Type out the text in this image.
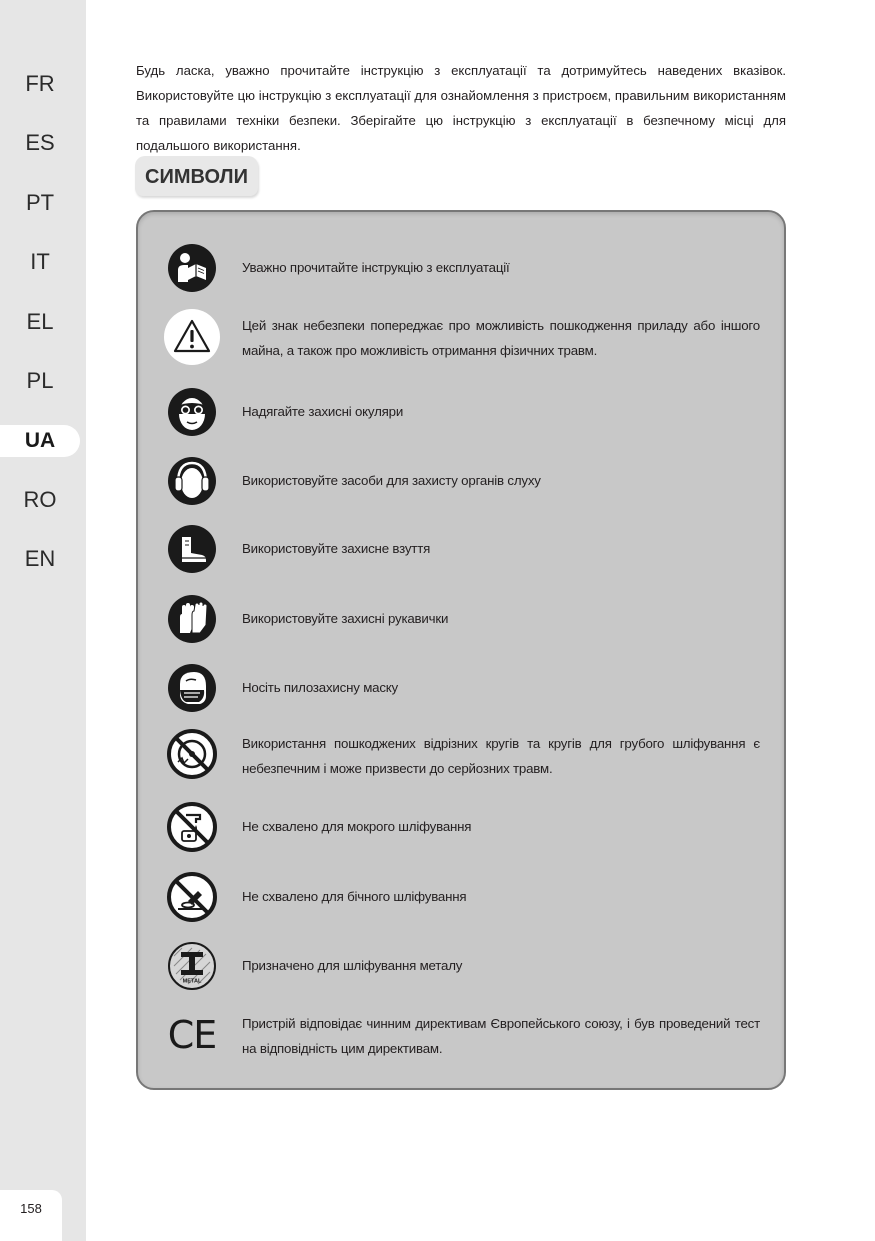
FR
ES
PT
IT
EL
PL
UA
RO
EN
158

Будь ласка, уважно прочитайте інструкцію з експлуатації та дотримуйтесь наведених вказівок. Використовуйте цю інструкцію з експлуатації для ознайомлення з пристроєм, правильним використанням та правилами техніки безпеки. Зберігайте цю інструкцію з експлуатації в безпечному місці для подальшого використання.

СИМВОЛИ
Уважно прочитайте інструкцію з експлуатації
Цей знак небезпеки попереджає про можливість пошкодження приладу або іншого майна, а також про можливість отримання фізичних травм.
Надягайте захисні окуляри
Використовуйте засоби для захисту органів слуху
Використовуйте захисне взуття
Використовуйте захисні рукавички
Носіть пилозахисну маску
Використання пошкоджених відрізних кругів та кругів для грубого шліфування є небезпечним і може призвести до серйозних травм.
Не схвалено для мокрого шліфування
Не схвалено для бічного шліфування
METAL
Призначено для шліфування металу
CE Пристрій відповідає чинним директивам Європейського союзу, і був проведений тест на відповідність цим директивам.
